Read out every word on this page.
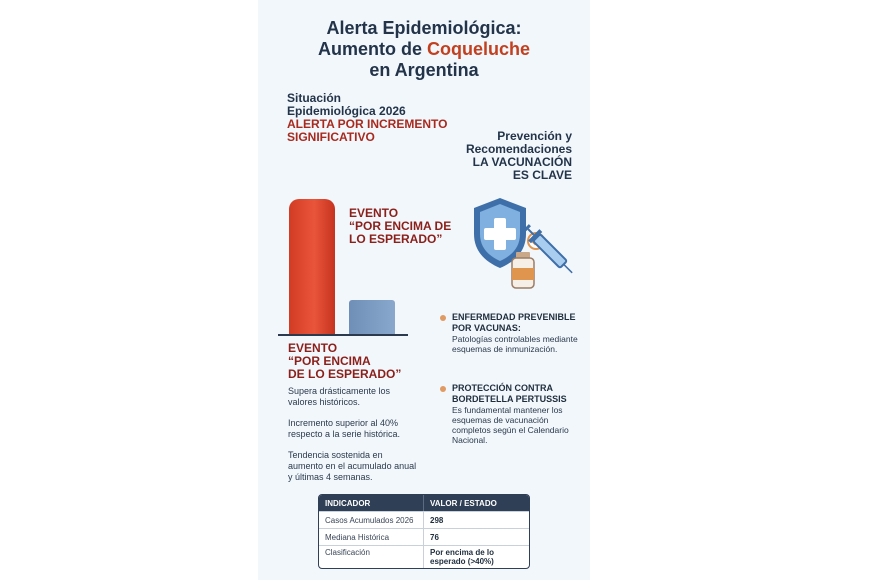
Alerta Epidemiológica:
Aumento de Coqueluche
en Argentina
Situación
Epidemiológica 2026
ALERTA POR INCREMENTO
SIGNIFICATIVO	Prevención y
Recomendaciones
LA VACUNACIÓN
ES CLAVE
EVENTO
“POR ENCIMA DE
LO ESPERADO”
EVENTO
“POR ENCIMA
DE LO ESPERADO”

Supera drásticamente los valores históricos.

Incremento superior al 40% respecto a la serie histórica.

Tendencia sostenida en aumento en el acumulado anual y últimas 4 semanas.

ENFERMEDAD PREVENIBLE POR VACUNAS:
Patologías controlables mediante esquemas de inmunización.
PROTECCIÓN CONTRA BORDETELLA PERTUSSIS
Es fundamental mantener los esquemas de vacunación completos según el Calendario Nacional.
INDICADOR	VALOR / ESTADO
Casos Acumulados 2026	298
Mediana Histórica	76
Clasificación	Por encima de lo esperado (>40%)
